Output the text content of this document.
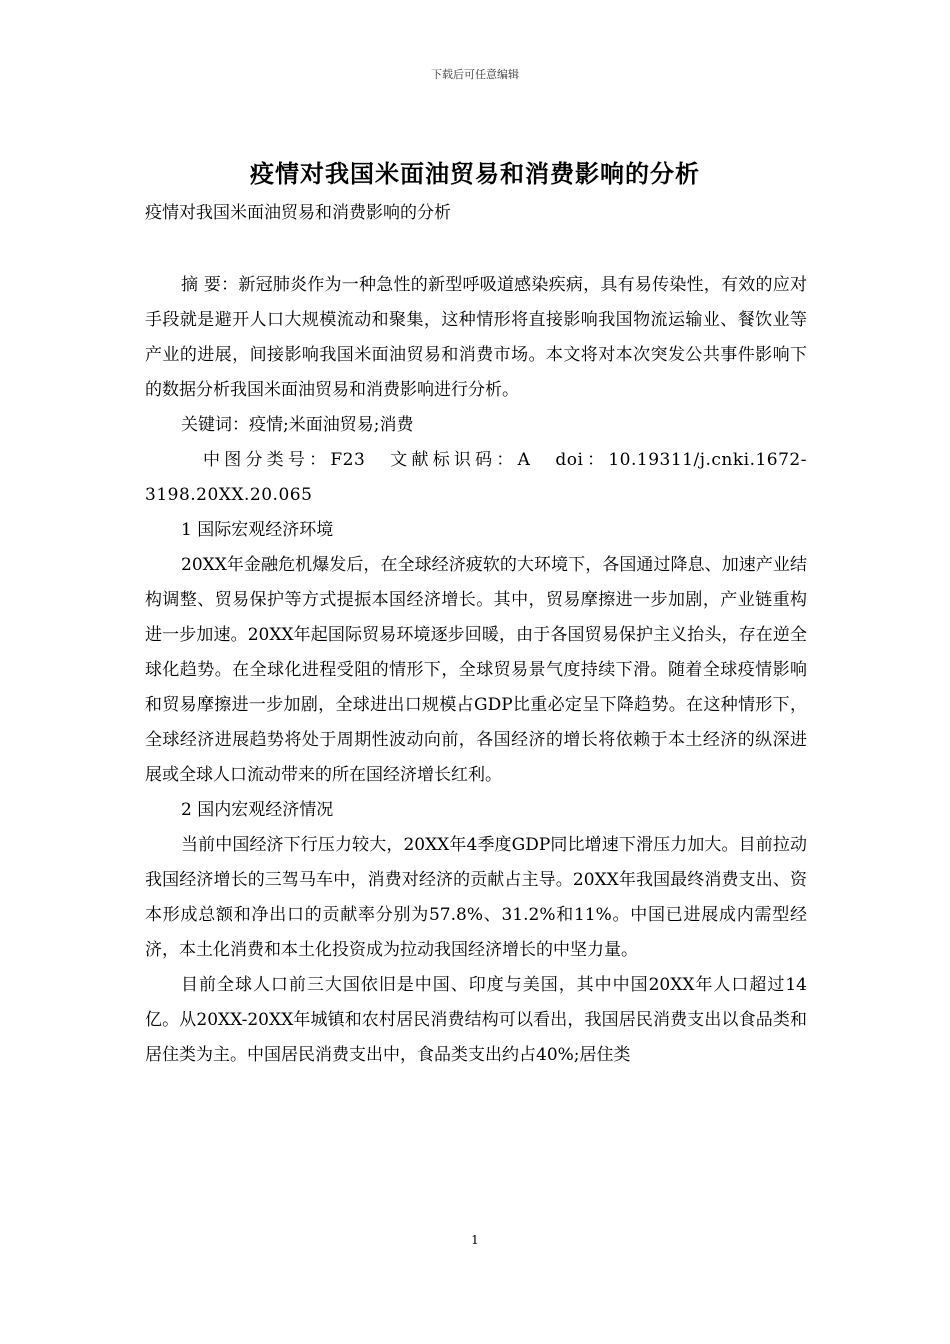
下载后可任意编辑
疫情对我国米面油贸易和消费影响的分析
疫情对我国米面油贸易和消费影响的分析

摘 要：新冠肺炎作为一种急性的新型呼吸道感染疾病，具有易传染性，有效的应对手段就是避开人口大规模流动和聚集，这种情形将直接影响我国物流运输业、餐饮业等产业的进展，间接影响我国米面油贸易和消费市场。本文将对本次突发公共事件影响下的数据分析我国米面油贸易和消费影响进行分析。

关键词：疫情;米面油贸易;消费

中图分类号：F23　文献标识码：A　doi：10.19311/j.cnki.1672-3198.20XX.20.065

1 国际宏观经济环境

20XX年金融危机爆发后，在全球经济疲软的大环境下，各国通过降息、加速产业结构调整、贸易保护等方式提振本国经济增长。其中，贸易摩擦进一步加剧，产业链重构进一步加速。20XX年起国际贸易环境逐步回暖，由于各国贸易保护主义抬头，存在逆全球化趋势。在全球化进程受阻的情形下，全球贸易景气度持续下滑。随着全球疫情影响和贸易摩擦进一步加剧，全球进出口规模占GDP比重必定呈下降趋势。在这种情形下，全球经济进展趋势将处于周期性波动向前，各国经济的增长将依赖于本土经济的纵深进展或全球人口流动带来的所在国经济增长红利。

2 国内宏观经济情况

当前中国经济下行压力较大，20XX年4季度GDP同比增速下滑压力加大。目前拉动我国经济增长的三驾马车中，消费对经济的贡献占主导。20XX年我国最终消费支出、资本形成总额和净出口的贡献率分别为57.8%、31.2%和11%。中国已进展成内需型经济，本土化消费和本土化投资成为拉动我国经济增长的中坚力量。

目前全球人口前三大国依旧是中国、印度与美国，其中中国20XX年人口超过14亿。从20XX-20XX年城镇和农村居民消费结构可以看出，我国居民消费支出以食品类和居住类为主。中国居民消费支出中，食品类支出约占40%;居住类

1
